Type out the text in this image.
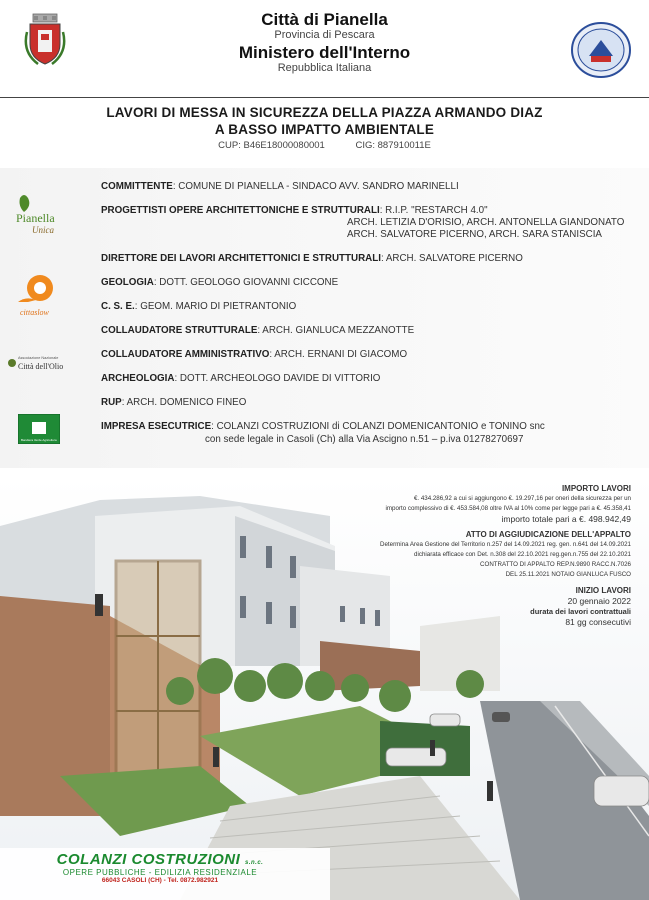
Città di Pianella
Provincia di Pescara
Ministero dell'Interno
Repubblica Italiana
LAVORI DI MESSA IN SICUREZZA DELLA PIAZZA ARMANDO DIAZ
A BASSO IMPATTO AMBIENTALE
CUP: B46E18000080001	CIG: 887910011E
Pianella
Unica
cittaslow
Associazione Nazionale
Città dell'Olio
Bandiera Verde Agricoltura
COMMITTENTE: COMUNE DI PIANELLA - SINDACO AVV. SANDRO MARINELLI
PROGETTISTI OPERE ARCHITETTONICHE E STRUTTURALI: R.I.P. "RESTARCH 4.0"
ARCH. LETIZIA D'ORISIO, ARCH. ANTONELLA GIANDONATO
ARCH. SALVATORE PICERNO, ARCH. SARA STANISCIA
DIRETTORE DEI LAVORI ARCHITETTONICI E STRUTTURALI: ARCH. SALVATORE PICERNO
GEOLOGIA: DOTT. GEOLOGO GIOVANNI CICCONE
C. S. E.: GEOM. MARIO DI PIETRANTONIO
COLLAUDATORE STRUTTURALE: ARCH. GIANLUCA MEZZANOTTE
COLLAUDATORE AMMINISTRATIVO: ARCH. ERNANI DI GIACOMO
ARCHEOLOGIA: DOTT. ARCHEOLOGO DAVIDE DI VITTORIO
RUP: ARCH. DOMENICO FINEO
IMPRESA ESECUTRICE: COLANZI COSTRUZIONI di COLANZI DOMENICANTONIO e TONINO snc
con sede legale in Casoli (Ch) alla Via Ascigno n.51 – p.iva 01278270697
IMPORTO LAVORI
€. 434.286,92 a cui si aggiungono €. 19.297,16 per oneri della sicurezza per un
importo complessivo di €. 453.584,08 oltre IVA al 10% come per legge pari a €. 45.358,41
importo totale pari a €. 498.942,49
ATTO DI AGGIUDICAZIONE DELL'APPALTO
Determina Area Gestione del Territorio n.257 del 14.09.2021 reg. gen. n.641 del 14.09.2021
dichiarata efficace con Det. n.308 del 22.10.2021 reg.gen.n.755 del 22.10.2021
CONTRATTO DI APPALTO REP.N.9890 RACC.N.7026
DEL 25.11.2021 NOTAIO GIANLUCA FUSCO
INIZIO LAVORI
20 gennaio 2022
durata dei lavori contrattuali
81 gg consecutivi
COLANZI COSTRUZIONI s.n.c.
OPERE PUBBLICHE - EDILIZIA RESIDENZIALE
66043 CASOLI (CH) - Tel. 0872.982921
